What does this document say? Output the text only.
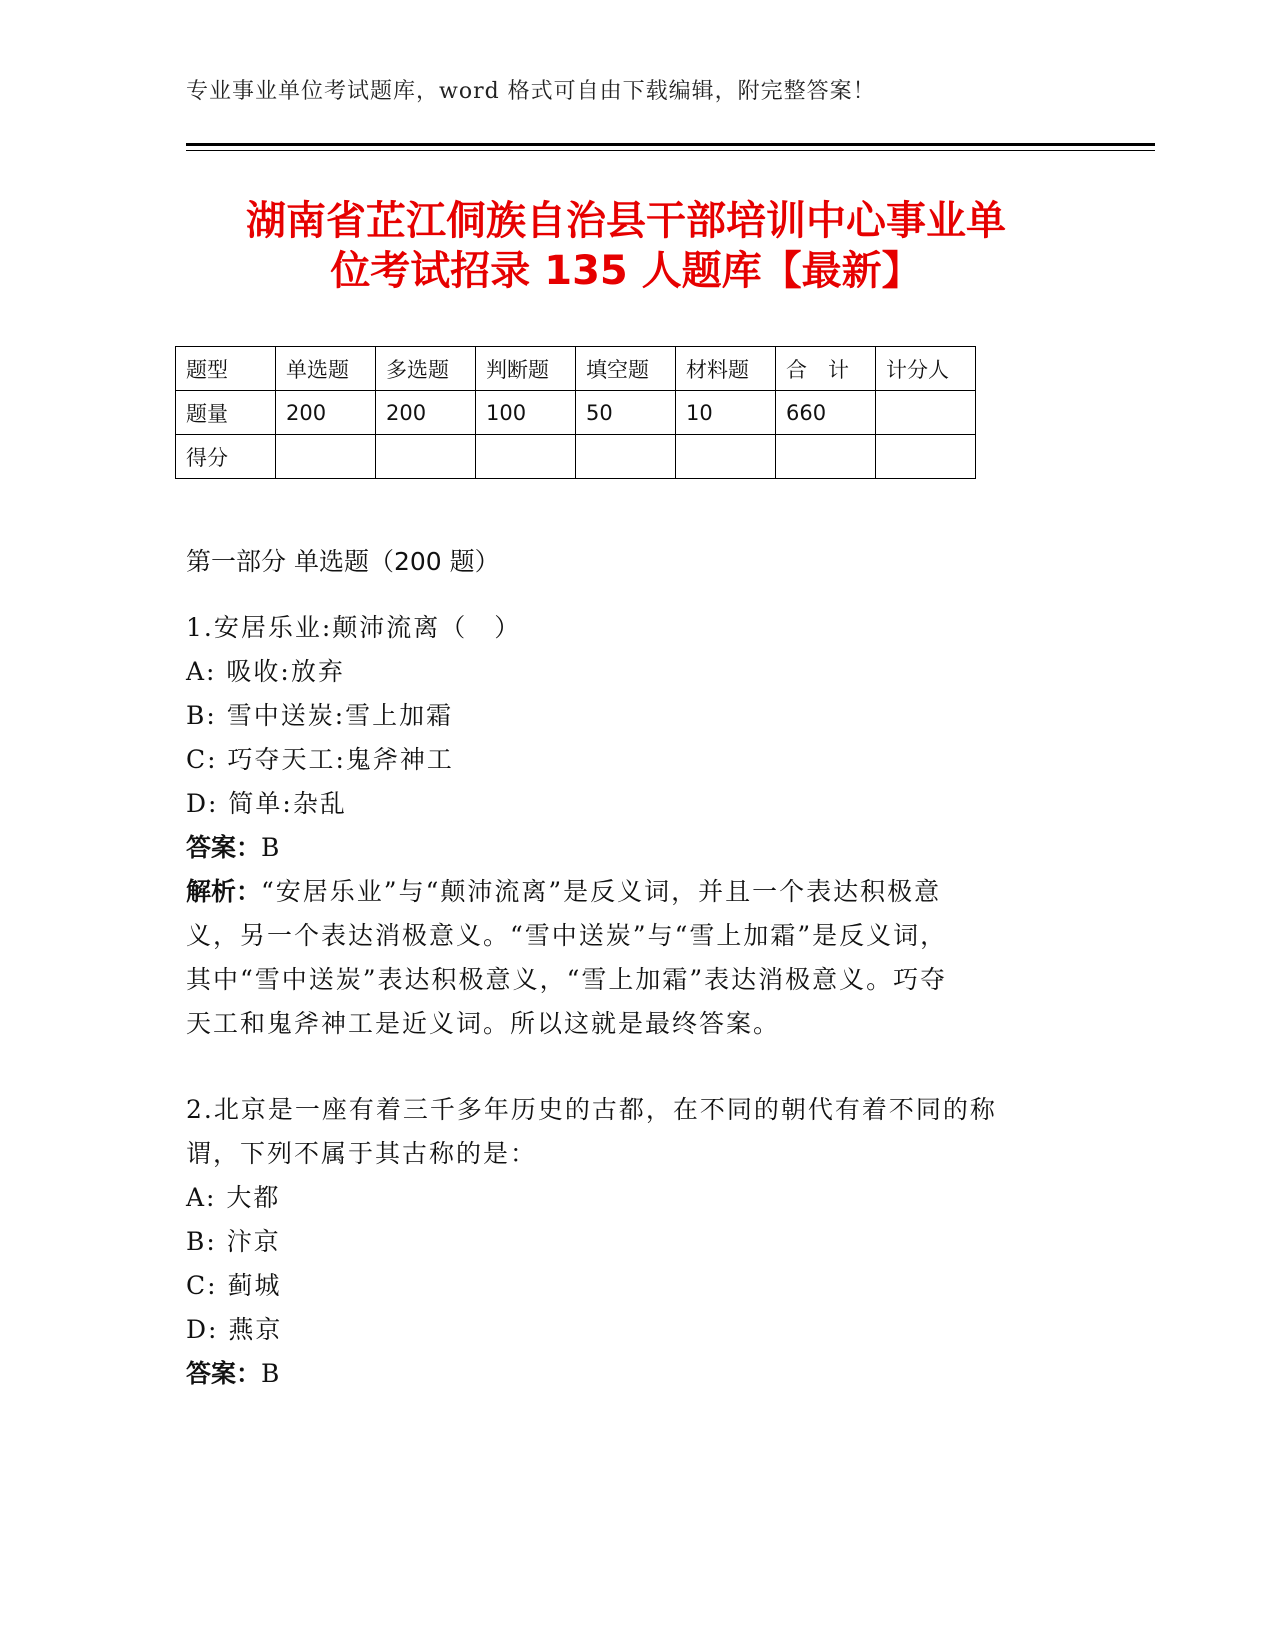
专业事业单位考试题库，word 格式可自由下载编辑，附完整答案！
湖南省芷江侗族自治县干部培训中心事业单
位考试招录 135 人题库【最新】
题型	单选题	多选题	判断题	填空题	材料题	合　计	计分人
题量	200	200	100	50	10	660	
得分							
第一部分 单选题（200 题）
1.安居乐业:颠沛流离（　）
A: 吸收:放弃
B: 雪中送炭:雪上加霜
C: 巧夺天工:鬼斧神工
D: 简单:杂乱
答案：B
解析：“安居乐业”与“颠沛流离”是反义词，并且一个表达积极意
义，另一个表达消极意义。“雪中送炭”与“雪上加霜”是反义词，
其中“雪中送炭”表达积极意义，“雪上加霜”表达消极意义。巧夺
天工和鬼斧神工是近义词。所以这就是最终答案。
2.北京是一座有着三千多年历史的古都，在不同的朝代有着不同的称
谓，下列不属于其古称的是：
A: 大都
B: 汴京
C: 蓟城
D: 燕京
答案：B
